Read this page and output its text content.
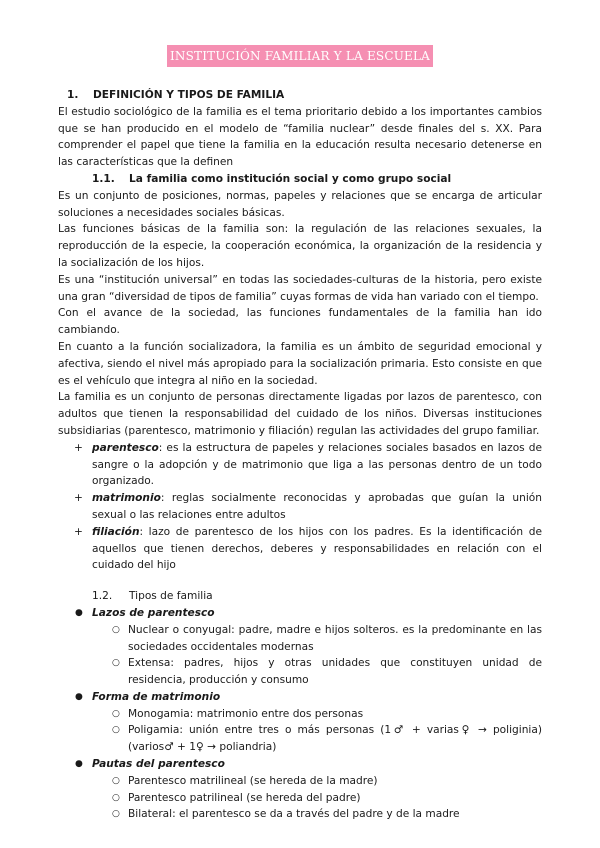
INSTITUCIÓN FAMILIAR Y LA ESCUELA
1. DEFINICIÓN Y TIPOS DE FAMILIA

El estudio sociológico de la familia es el tema prioritario debido a los importantes cambios que se han producido en el modelo de “familia nuclear” desde finales del s. XX. Para comprender el papel que tiene la familia en la educación resulta necesario detenerse en las características que la definen

1.1. La familia como institución social y como grupo social

Es un conjunto de posiciones, normas, papeles y relaciones que se encarga de articular soluciones a necesidades sociales básicas.

Las funciones básicas de la familia son: la regulación de las relaciones sexuales, la reproducción de la especie, la cooperación económica, la organización de la residencia y la socialización de los hijos.

Es una “institución universal” en todas las sociedades-culturas de la historia, pero existe una gran “diversidad de tipos de familia” cuyas formas de vida han variado con el tiempo.

Con el avance de la sociedad, las funciones fundamentales de la familia han ido cambiando.

En cuanto a la función socializadora, la familia es un ámbito de seguridad emocional y afectiva, siendo el nivel más apropiado para la socialización primaria. Esto consiste en que es el vehículo que integra al niño en la sociedad.

La familia es un conjunto de personas directamente ligadas por lazos de parentesco, con adultos que tienen la responsabilidad del cuidado de los niños. Diversas instituciones subsidiarias (parentesco, matrimonio y filiación) regulan las actividades del grupo familiar.

+ parentesco: es la estructura de papeles y relaciones sociales basados en lazos de sangre o la adopción y de matrimonio que liga a las personas dentro de un todo organizado.
+ matrimonio: reglas socialmente reconocidas y aprobadas que guían la unión sexual o las relaciones entre adultos
+ filiación: lazo de parentesco de los hijos con los padres. Es la identificación de aquellos que tienen derechos, deberes y responsabilidades en relación con el cuidado del hijo
1.2. Tipos de familia
● Lazos de parentesco
○ Nuclear o conyugal: padre, madre e hijos solteros. es la predominante en las sociedades occidentales modernas
○ Extensa: padres, hijos y otras unidades que constituyen unidad de residencia, producción y consumo
● Forma de matrimonio
○ Monogamia: matrimonio entre dos personas
○ Poligamia: unión entre tres o más personas (1♂ + varias♀ → poliginia) (varios♂ + 1♀ → poliandria)
● Pautas del parentesco
○ Parentesco matrilineal (se hereda de la madre)
○ Parentesco patrilineal (se hereda del padre)
○ Bilateral: el parentesco se da a través del padre y de la madre
